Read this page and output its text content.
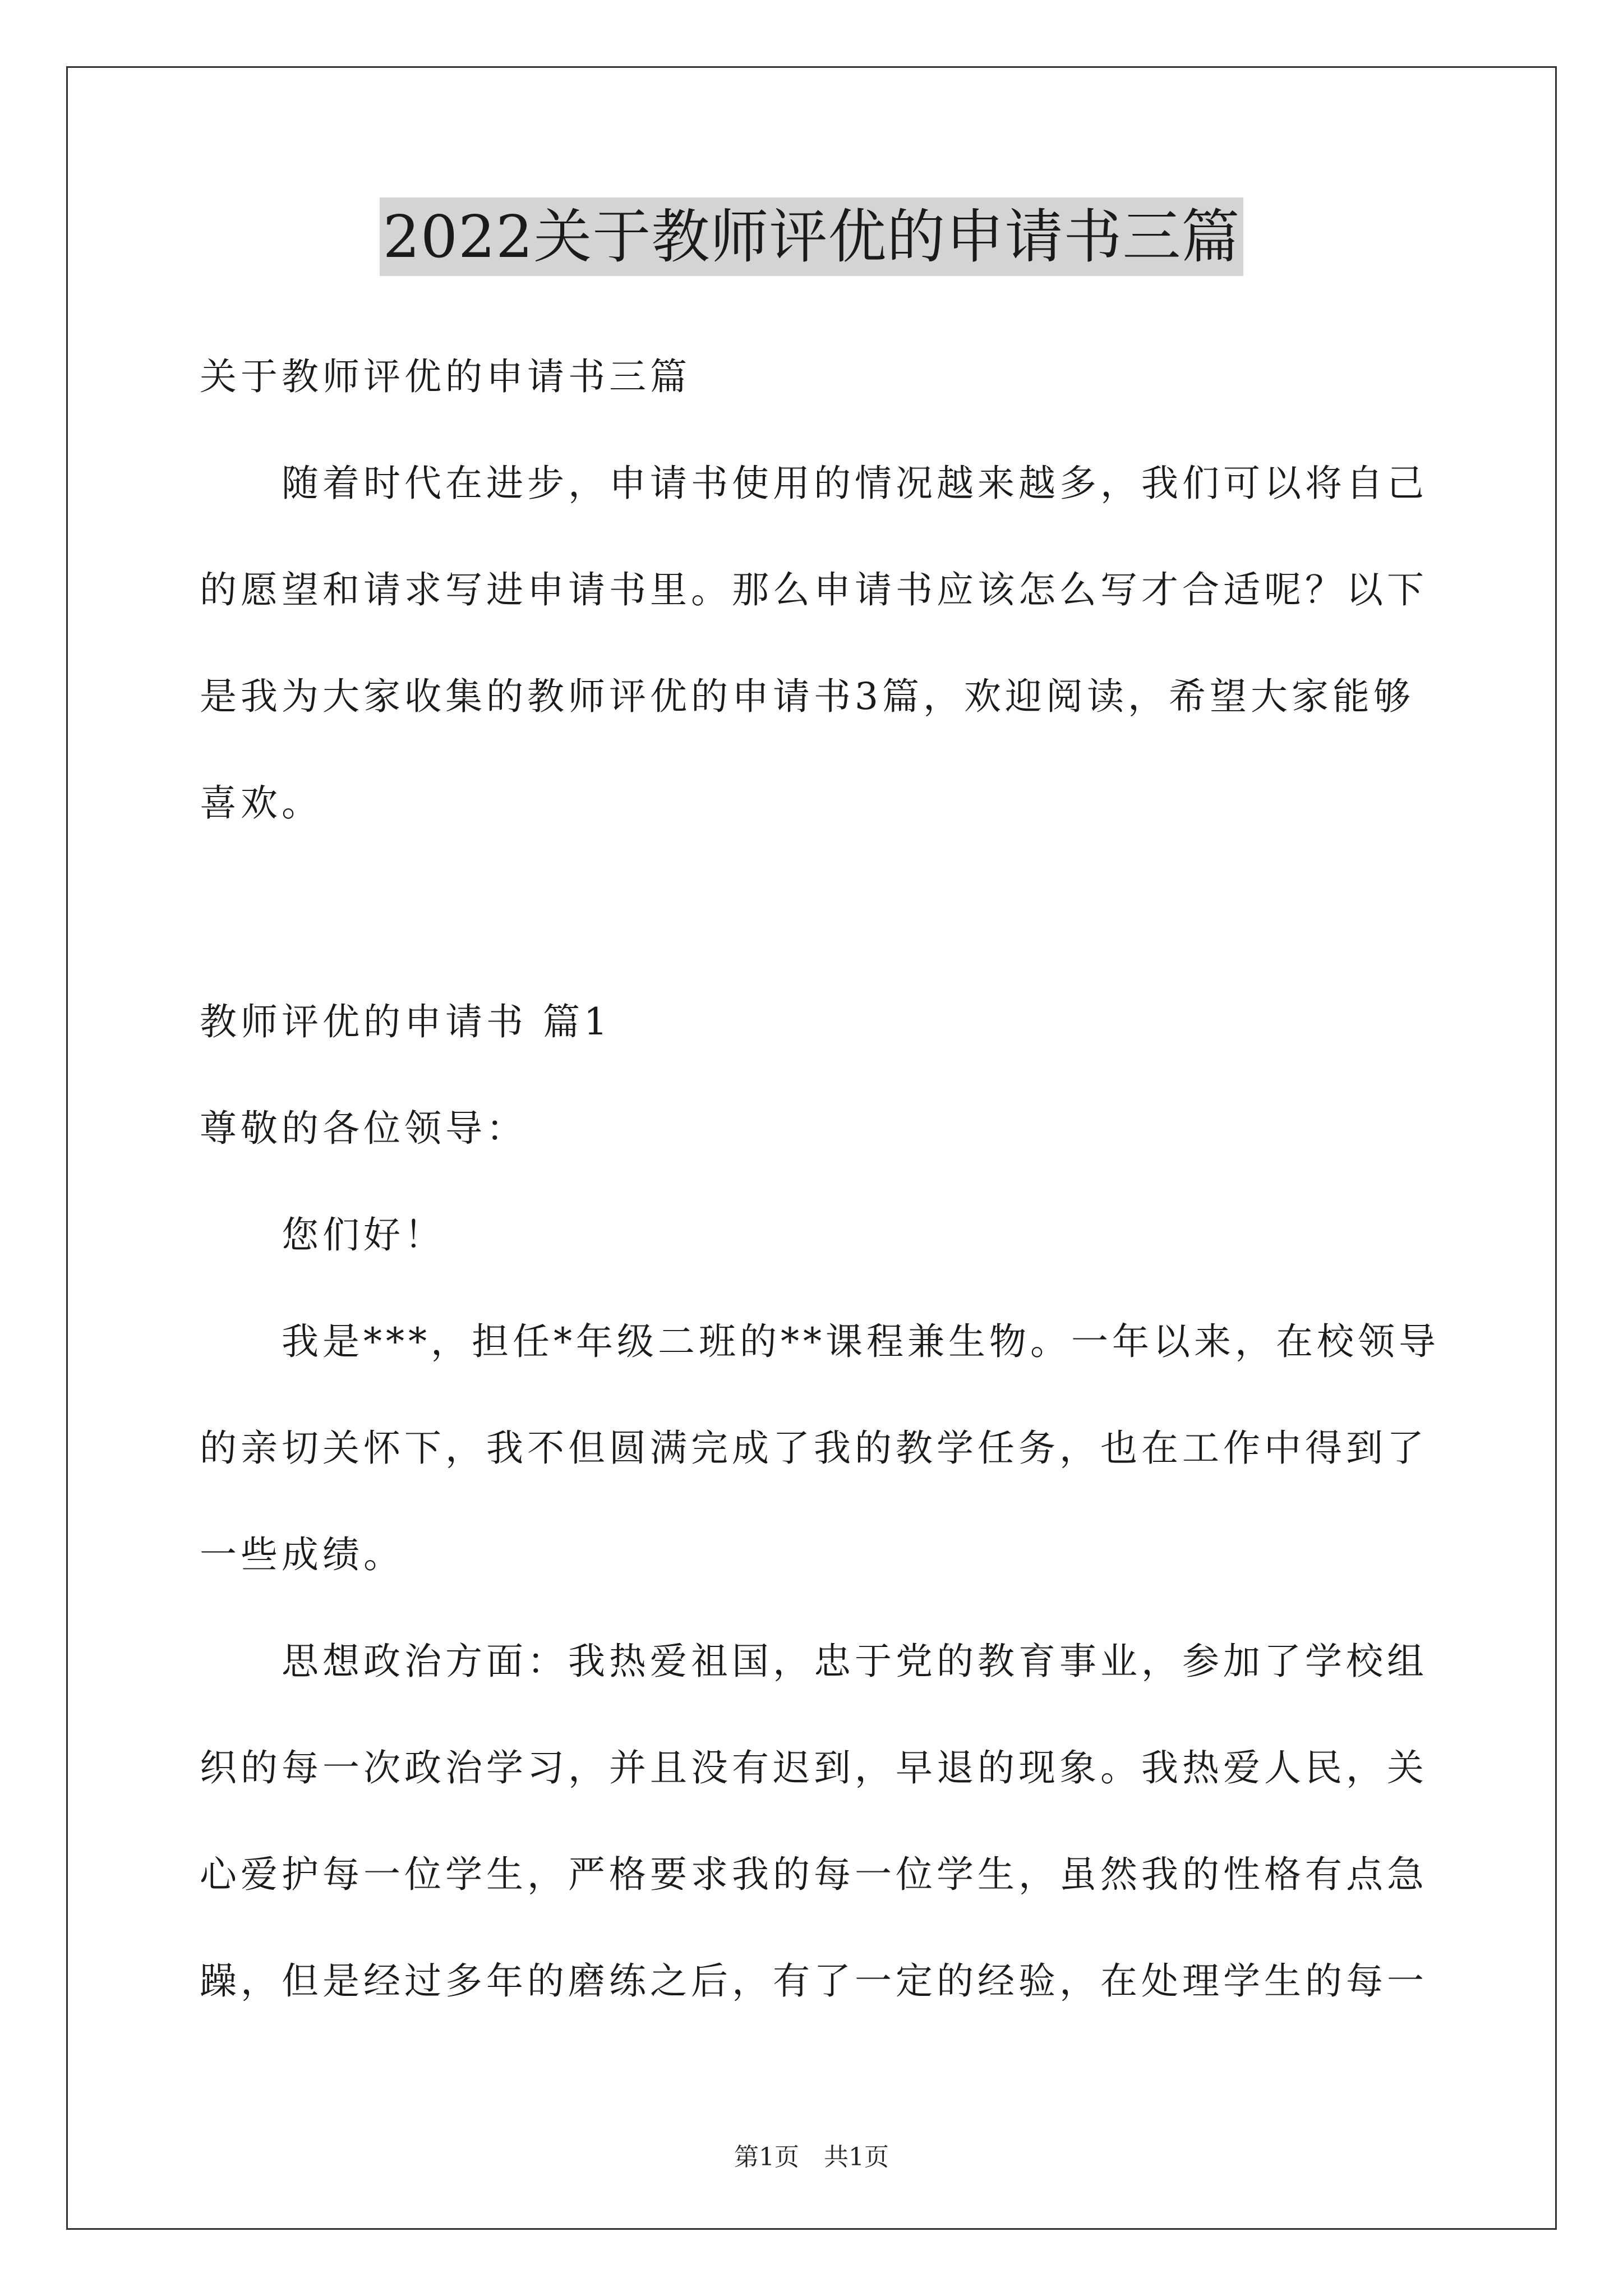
2022关于教师评优的申请书三篇
关于教师评优的申请书三篇
随着时代在进步，申请书使用的情况越来越多，我们可以将自己
的愿望和请求写进申请书里。那么申请书应该怎么写才合适呢？以下
是我为大家收集的教师评优的申请书3篇，欢迎阅读，希望大家能够
喜欢。
教师评优的申请书 篇1
尊敬的各位领导：
您们好！
我是***，担任*年级二班的**课程兼生物。一年以来，在校领导
的亲切关怀下，我不但圆满完成了我的教学任务，也在工作中得到了
一些成绩。
思想政治方面：我热爱祖国，忠于党的教育事业，参加了学校组
织的每一次政治学习，并且没有迟到，早退的现象。我热爱人民，关
心爱护每一位学生，严格要求我的每一位学生，虽然我的性格有点急
躁，但是经过多年的磨练之后，有了一定的经验，在处理学生的每一
第1页　共1页
